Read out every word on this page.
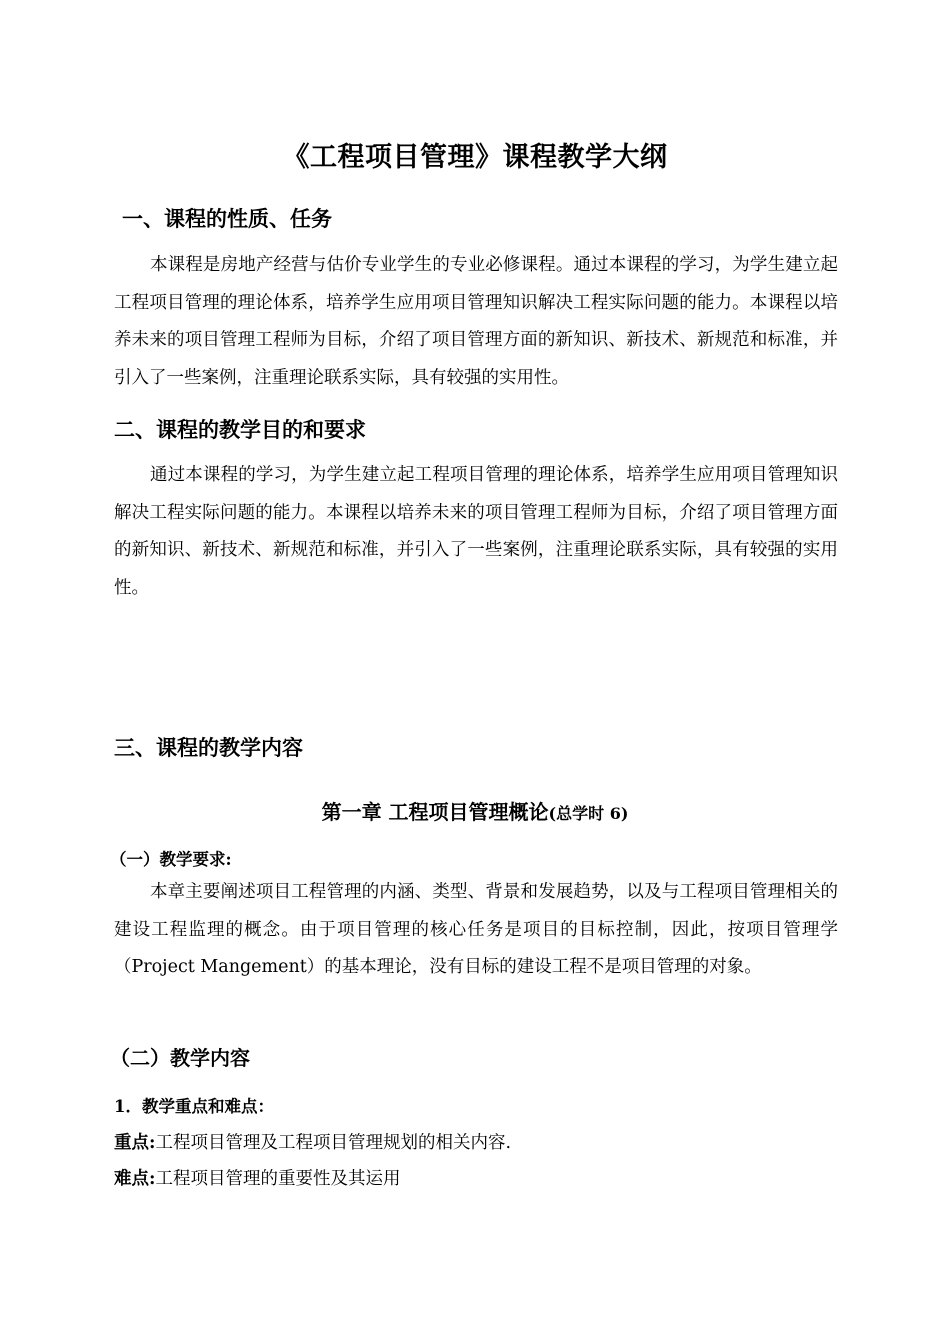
《工程项目管理》课程教学大纲
一、课程的性质、任务

本课程是房地产经营与估价专业学生的专业必修课程。通过本课程的学习，为学生建立起工程项目管理的理论体系，培养学生应用项目管理知识解决工程实际问题的能力。本课程以培养未来的项目管理工程师为目标，介绍了项目管理方面的新知识、新技术、新规范和标准，并引入了一些案例，注重理论联系实际，具有较强的实用性。

二、课程的教学目的和要求

通过本课程的学习，为学生建立起工程项目管理的理论体系，培养学生应用项目管理知识解决工程实际问题的能力。本课程以培养未来的项目管理工程师为目标，介绍了项目管理方面的新知识、新技术、新规范和标准，并引入了一些案例，注重理论联系实际，具有较强的实用性。

三、课程的教学内容
第一章 工程项目管理概论(总学时 6)
（一）教学要求:

本章主要阐述项目工程管理的内涵、类型、背景和发展趋势，以及与工程项目管理相关的建设工程监理的概念。由于项目管理的核心任务是项目的目标控制，因此，按项目管理学（Project Mangement）的基本理论，没有目标的建设工程不是项目管理的对象。

（二）教学内容
1．教学重点和难点：
重点:工程项目管理及工程项目管理规划的相关内容.
难点:工程项目管理的重要性及其运用
